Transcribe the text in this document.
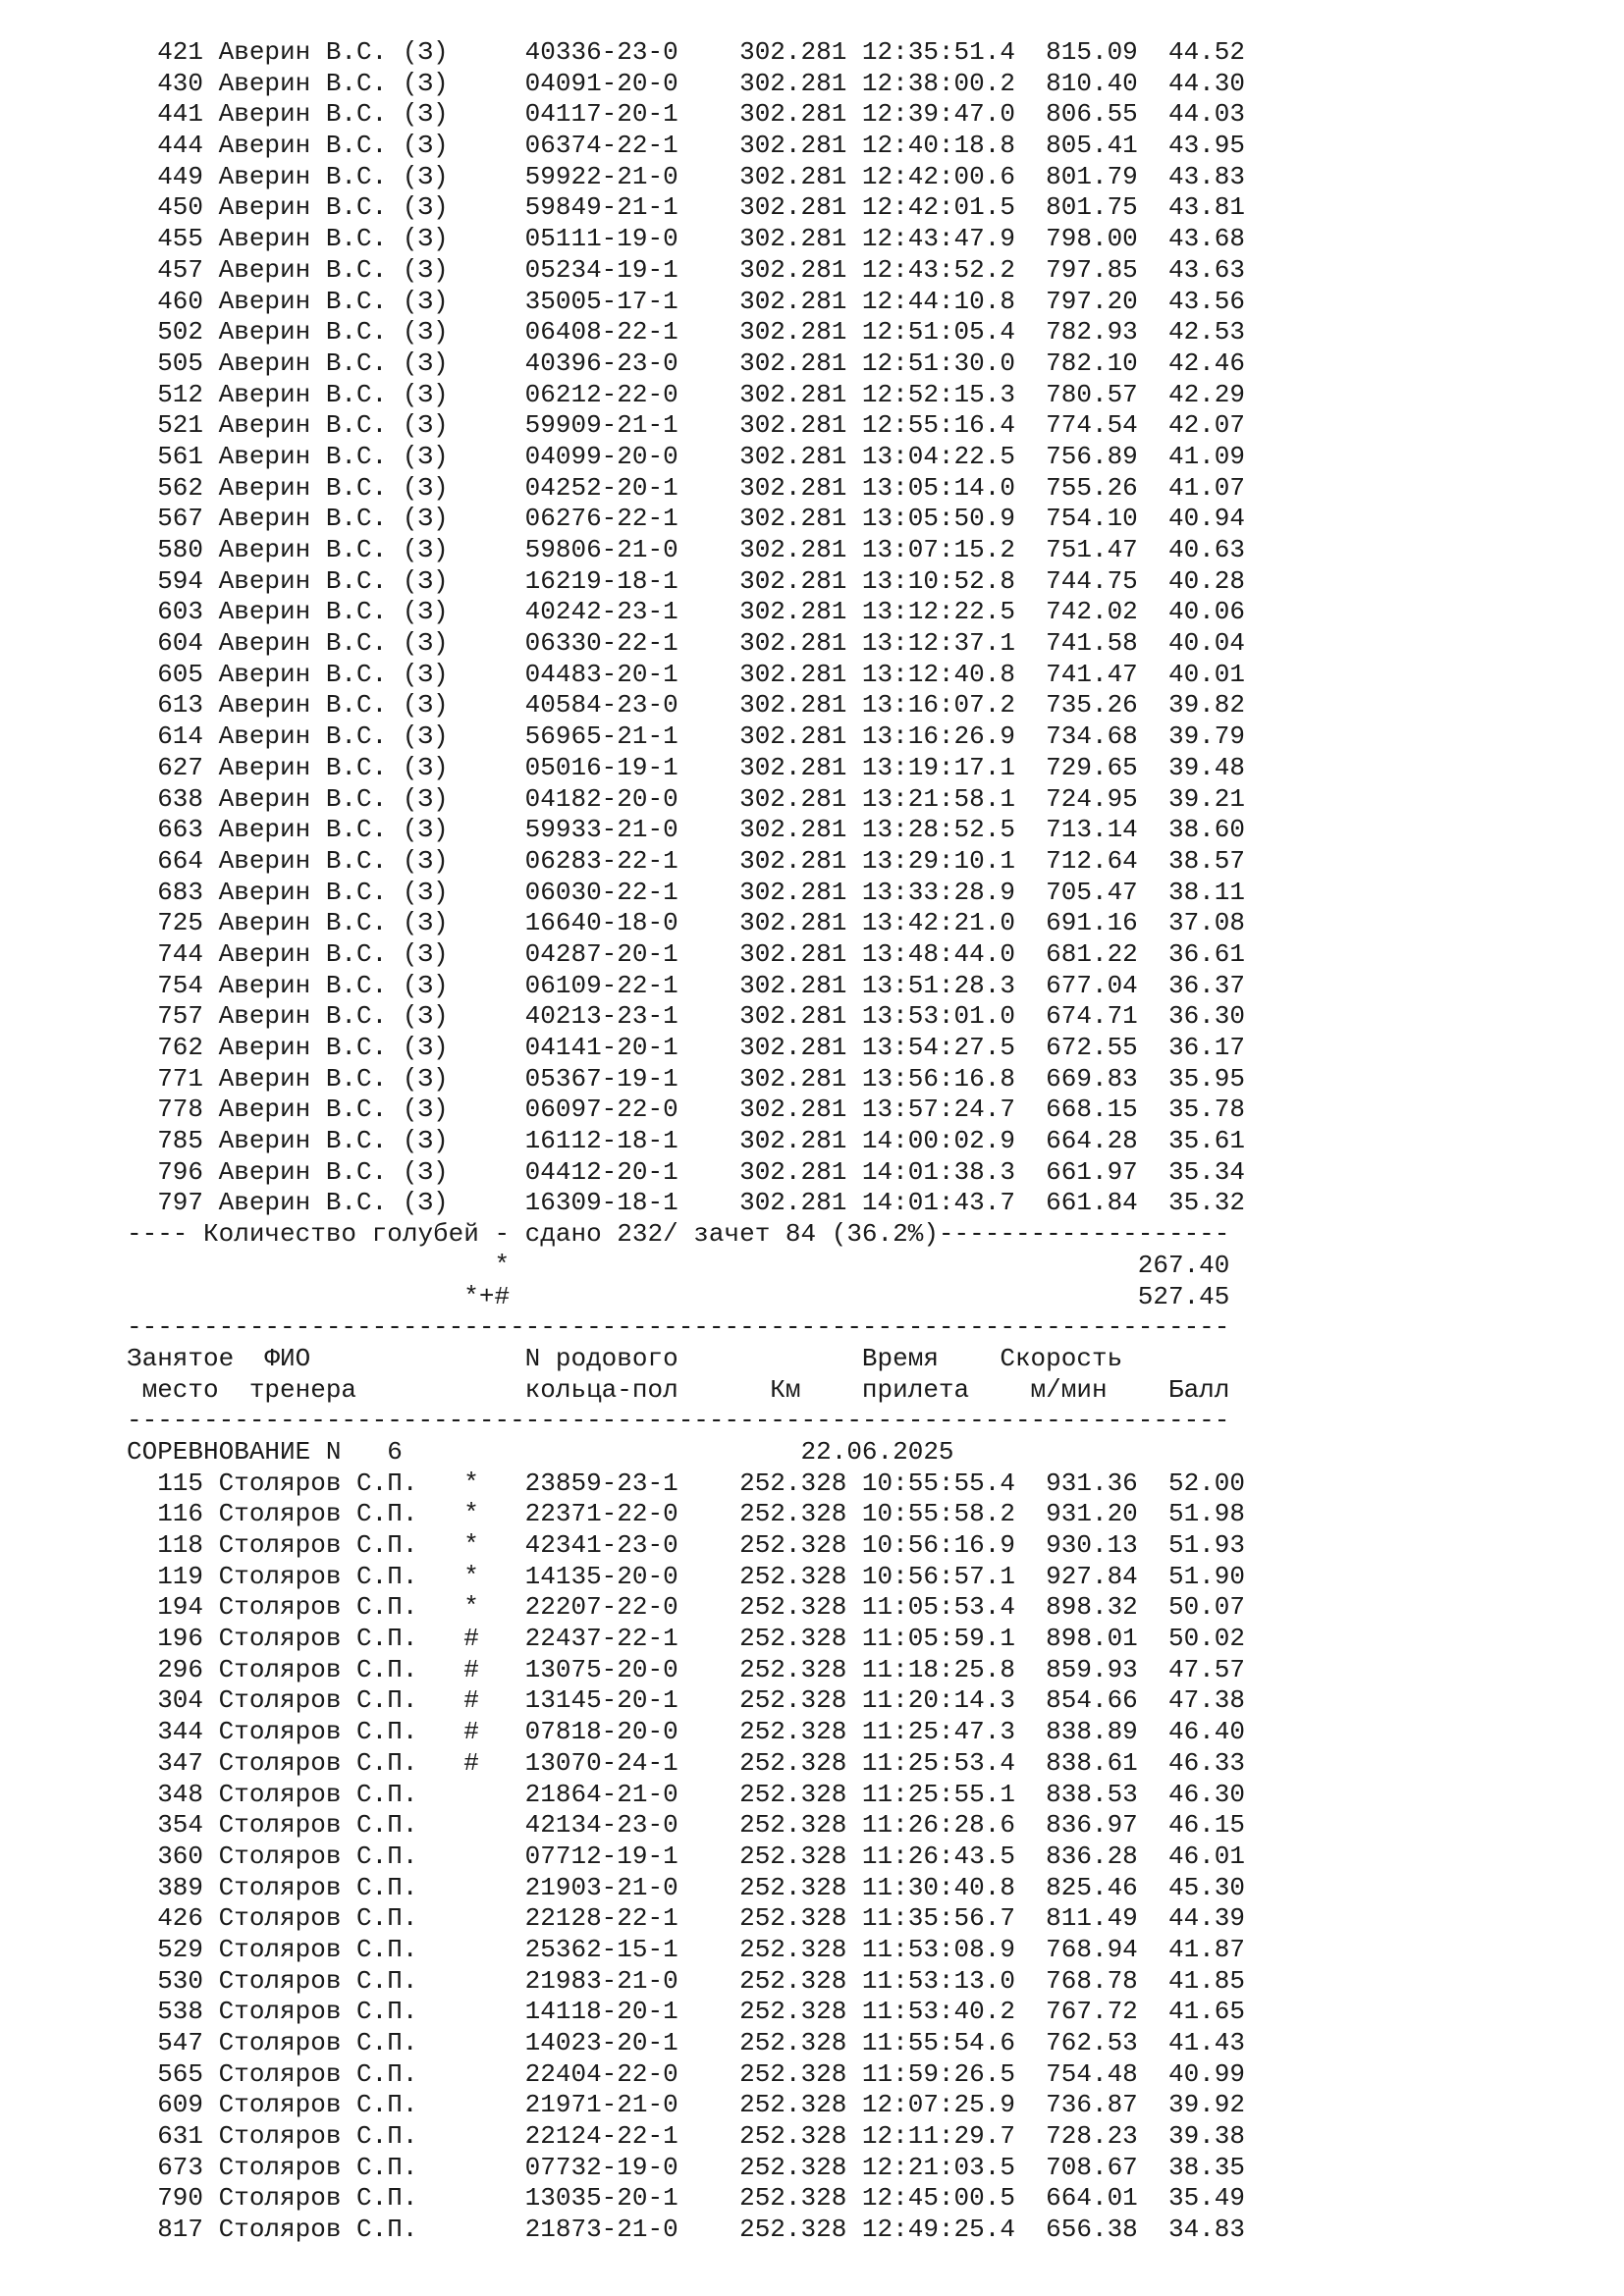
421 Аверин В.С. (З)     40336-23-0    302.281 12:35:51.4  815.09  44.52
430 Аверин В.С. (З)     04091-20-0    302.281 12:38:00.2  810.40  44.30
441 Аверин В.С. (З)     04117-20-1    302.281 12:39:47.0  806.55  44.03
444 Аверин В.С. (З)     06374-22-1    302.281 12:40:18.8  805.41  43.95
449 Аверин В.С. (З)     59922-21-0    302.281 12:42:00.6  801.79  43.83
450 Аверин В.С. (З)     59849-21-1    302.281 12:42:01.5  801.75  43.81
455 Аверин В.С. (З)     05111-19-0    302.281 12:43:47.9  798.00  43.68
457 Аверин В.С. (З)     05234-19-1    302.281 12:43:52.2  797.85  43.63
460 Аверин В.С. (З)     35005-17-1    302.281 12:44:10.8  797.20  43.56
502 Аверин В.С. (З)     06408-22-1    302.281 12:51:05.4  782.93  42.53
505 Аверин В.С. (З)     40396-23-0    302.281 12:51:30.0  782.10  42.46
512 Аверин В.С. (З)     06212-22-0    302.281 12:52:15.3  780.57  42.29
521 Аверин В.С. (З)     59909-21-1    302.281 12:55:16.4  774.54  42.07
561 Аверин В.С. (З)     04099-20-0    302.281 13:04:22.5  756.89  41.09
562 Аверин В.С. (З)     04252-20-1    302.281 13:05:14.0  755.26  41.07
567 Аверин В.С. (З)     06276-22-1    302.281 13:05:50.9  754.10  40.94
580 Аверин В.С. (З)     59806-21-0    302.281 13:07:15.2  751.47  40.63
594 Аверин В.С. (З)     16219-18-1    302.281 13:10:52.8  744.75  40.28
603 Аверин В.С. (З)     40242-23-1    302.281 13:12:22.5  742.02  40.06
604 Аверин В.С. (З)     06330-22-1    302.281 13:12:37.1  741.58  40.04
605 Аверин В.С. (З)     04483-20-1    302.281 13:12:40.8  741.47  40.01
613 Аверин В.С. (З)     40584-23-0    302.281 13:16:07.2  735.26  39.82
614 Аверин В.С. (З)     56965-21-1    302.281 13:16:26.9  734.68  39.79
627 Аверин В.С. (З)     05016-19-1    302.281 13:19:17.1  729.65  39.48
638 Аверин В.С. (З)     04182-20-0    302.281 13:21:58.1  724.95  39.21
663 Аверин В.С. (З)     59933-21-0    302.281 13:28:52.5  713.14  38.60
664 Аверин В.С. (З)     06283-22-1    302.281 13:29:10.1  712.64  38.57
683 Аверин В.С. (З)     06030-22-1    302.281 13:33:28.9  705.47  38.11
725 Аверин В.С. (З)     16640-18-0    302.281 13:42:21.0  691.16  37.08
744 Аверин В.С. (З)     04287-20-1    302.281 13:48:44.0  681.22  36.61
754 Аверин В.С. (З)     06109-22-1    302.281 13:51:28.3  677.04  36.37
757 Аверин В.С. (З)     40213-23-1    302.281 13:53:01.0  674.71  36.30
762 Аверин В.С. (З)     04141-20-1    302.281 13:54:27.5  672.55  36.17
771 Аверин В.С. (З)     05367-19-1    302.281 13:56:16.8  669.83  35.95
778 Аверин В.С. (З)     06097-22-0    302.281 13:57:24.7  668.15  35.78
785 Аверин В.С. (З)     16112-18-1    302.281 14:00:02.9  664.28  35.61
796 Аверин В.С. (З)     04412-20-1    302.281 14:01:38.3  661.97  35.34
797 Аверин В.С. (З)     16309-18-1    302.281 14:01:43.7  661.84  35.32
---- Количество голубей - сдано 232/ зачет 84 (36.2%)-------------------
*                                         267.40
*+#                                         527.45
------------------------------------------------------------------------
Занятое  ФИО              N родового            Время    Скорость
место  тренера           кольца-пол      Км    прилета    м/мин    Балл
------------------------------------------------------------------------
СОРЕВНОВАНИЕ N   6                          22.06.2025
115 Столяров С.П.   *   23859-23-1    252.328 10:55:55.4  931.36  52.00
116 Столяров С.П.   *   22371-22-0    252.328 10:55:58.2  931.20  51.98
118 Столяров С.П.   *   42341-23-0    252.328 10:56:16.9  930.13  51.93
119 Столяров С.П.   *   14135-20-0    252.328 10:56:57.1  927.84  51.90
194 Столяров С.П.   *   22207-22-0    252.328 11:05:53.4  898.32  50.07
196 Столяров С.П.   #   22437-22-1    252.328 11:05:59.1  898.01  50.02
296 Столяров С.П.   #   13075-20-0    252.328 11:18:25.8  859.93  47.57
304 Столяров С.П.   #   13145-20-1    252.328 11:20:14.3  854.66  47.38
344 Столяров С.П.   #   07818-20-0    252.328 11:25:47.3  838.89  46.40
347 Столяров С.П.   #   13070-24-1    252.328 11:25:53.4  838.61  46.33
348 Столяров С.П.       21864-21-0    252.328 11:25:55.1  838.53  46.30
354 Столяров С.П.       42134-23-0    252.328 11:26:28.6  836.97  46.15
360 Столяров С.П.       07712-19-1    252.328 11:26:43.5  836.28  46.01
389 Столяров С.П.       21903-21-0    252.328 11:30:40.8  825.46  45.30
426 Столяров С.П.       22128-22-1    252.328 11:35:56.7  811.49  44.39
529 Столяров С.П.       25362-15-1    252.328 11:53:08.9  768.94  41.87
530 Столяров С.П.       21983-21-0    252.328 11:53:13.0  768.78  41.85
538 Столяров С.П.       14118-20-1    252.328 11:53:40.2  767.72  41.65
547 Столяров С.П.       14023-20-1    252.328 11:55:54.6  762.53  41.43
565 Столяров С.П.       22404-22-0    252.328 11:59:26.5  754.48  40.99
609 Столяров С.П.       21971-21-0    252.328 12:07:25.9  736.87  39.92
631 Столяров С.П.       22124-22-1    252.328 12:11:29.7  728.23  39.38
673 Столяров С.П.       07732-19-0    252.328 12:21:03.5  708.67  38.35
790 Столяров С.П.       13035-20-1    252.328 12:45:00.5  664.01  35.49
817 Столяров С.П.       21873-21-0    252.328 12:49:25.4  656.38  34.83
